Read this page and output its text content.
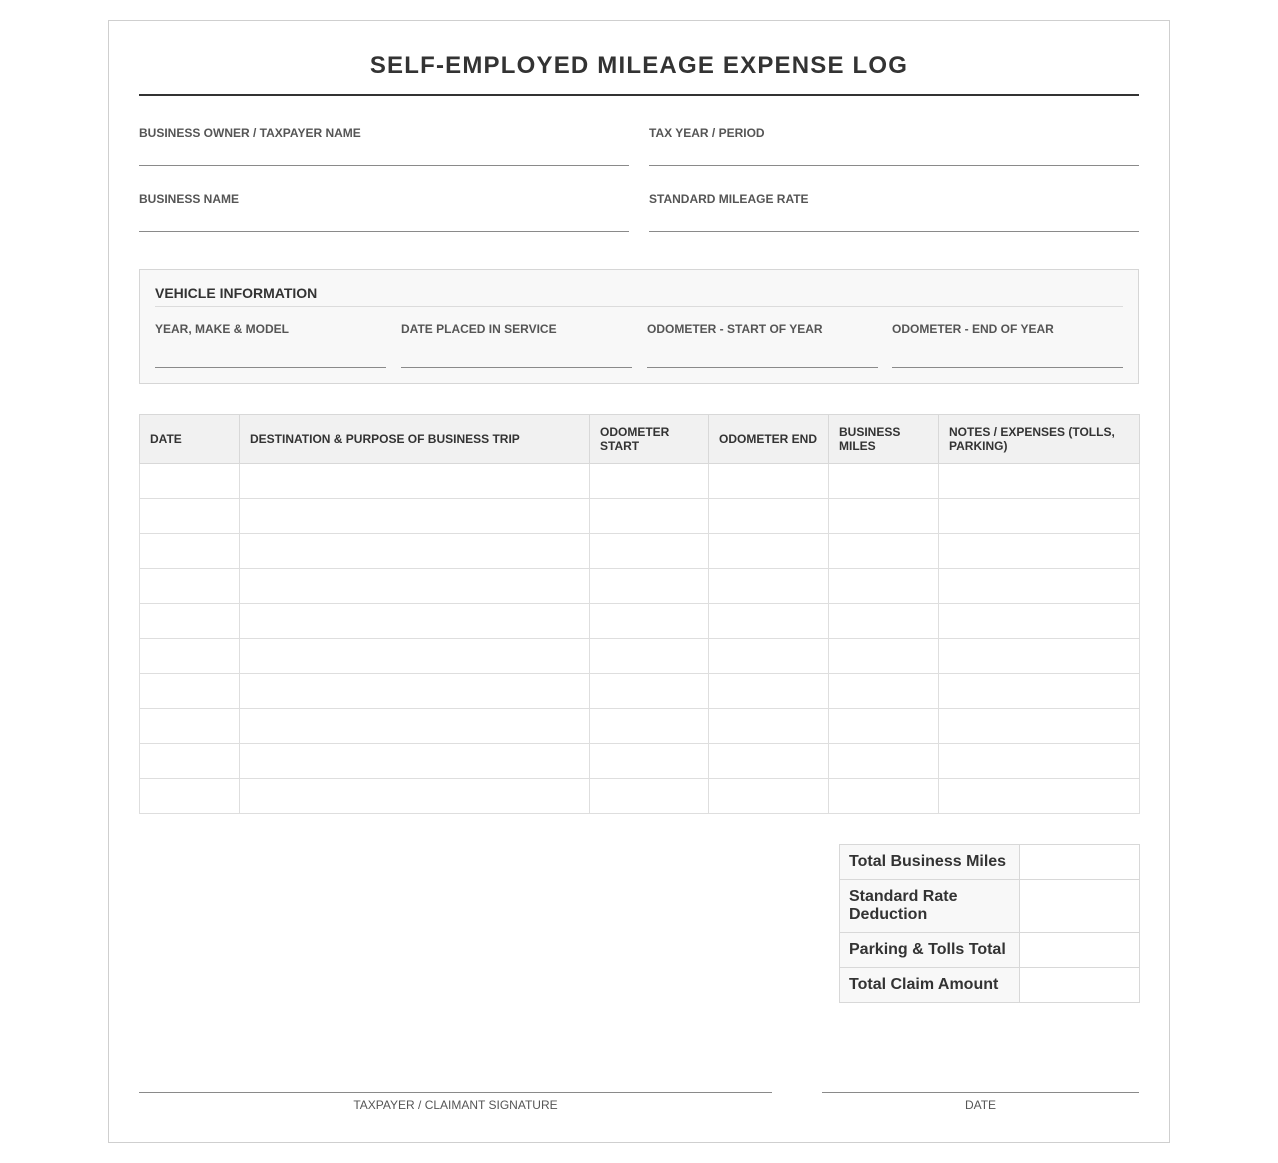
SELF-EMPLOYED MILEAGE EXPENSE LOG
BUSINESS OWNER / TAXPAYER NAME	TAX YEAR / PERIOD
BUSINESS NAME	STANDARD MILEAGE RATE
VEHICLE INFORMATION
YEAR, MAKE & MODEL	DATE PLACED IN SERVICE	ODOMETER - START OF YEAR	ODOMETER - END OF YEAR
DATE	DESTINATION & PURPOSE OF BUSINESS TRIP	ODOMETER START	ODOMETER END	BUSINESS MILES	NOTES / EXPENSES (TOLLS, PARKING)

Total Business Miles	
Standard Rate Deduction	
Parking & Tolls Total	
Total Claim Amount	
TAXPAYER / CLAIMANT SIGNATURE	DATE
